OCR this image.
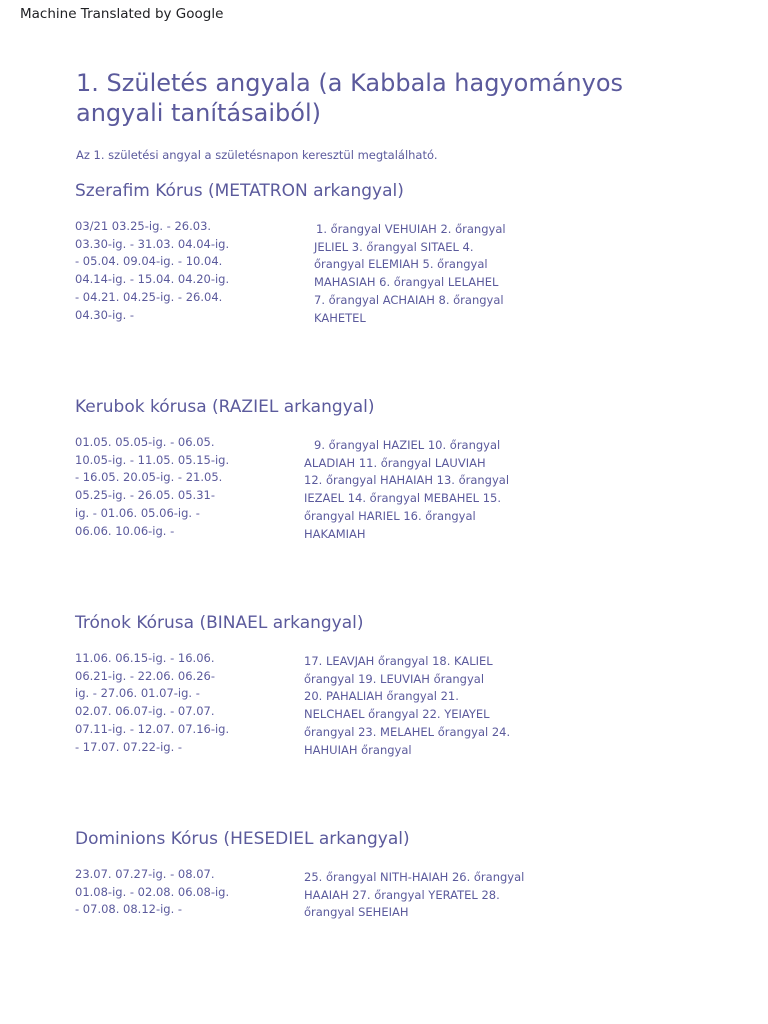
Machine Translated by Google
1. Születés angyala (a Kabbala hagyományos angyali tanításaiból)
Az 1. születési angyal a születésnapon keresztül megtalálható.
Szerafim Kórus (METATRON arkangyal)
03/21 03.25-ig. - 26.03.
03.30-ig. - 31.03. 04.04-ig.
- 05.04. 09.04-ig. - 10.04.
04.14-ig. - 15.04. 04.20-ig.
- 04.21. 04.25-ig. - 26.04.
04.30-ig. -
1. őrangyal VEHUIAH 2. őrangyal
JELIEL 3. őrangyal SITAEL 4.
őrangyal ELEMIAH 5. őrangyal
MAHASIAH 6. őrangyal LELAHEL
7. őrangyal ACHAIAH 8. őrangyal
KAHETEL
Kerubok kórusa (RAZIEL arkangyal)
01.05. 05.05-ig. - 06.05.
10.05-ig. - 11.05. 05.15-ig.
- 16.05. 20.05-ig. - 21.05.
05.25-ig. - 26.05. 05.31-
ig. - 01.06. 05.06-ig. -
06.06. 10.06-ig. -
9. őrangyal HAZIEL 10. őrangyal
ALADIAH 11. őrangyal LAUVIAH
12. őrangyal HAHAIAH 13. őrangyal
IEZAEL 14. őrangyal MEBAHEL 15.
őrangyal HARIEL 16. őrangyal
HAKAMIAH
Trónok Kórusa (BINAEL arkangyal)
11.06. 06.15-ig. - 16.06.
06.21-ig. - 22.06. 06.26-
ig. - 27.06. 01.07-ig. -
02.07. 06.07-ig. - 07.07.
07.11-ig. - 12.07. 07.16-ig.
- 17.07. 07.22-ig. -
17. LEAVJAH őrangyal 18. KALIEL
őrangyal 19. LEUVIAH őrangyal
20. PAHALIAH őrangyal 21.
NELCHAEL őrangyal 22. YEIAYEL
őrangyal 23. MELAHEL őrangyal 24.
HAHUIAH őrangyal
Dominions Kórus (HESEDIEL arkangyal)
23.07. 07.27-ig. - 08.07.
01.08-ig. - 02.08. 06.08-ig.
- 07.08. 08.12-ig. -
25. őrangyal NITH-HAIAH 26. őrangyal
HAAIAH 27. őrangyal YERATEL 28.
őrangyal SEHEIAH
